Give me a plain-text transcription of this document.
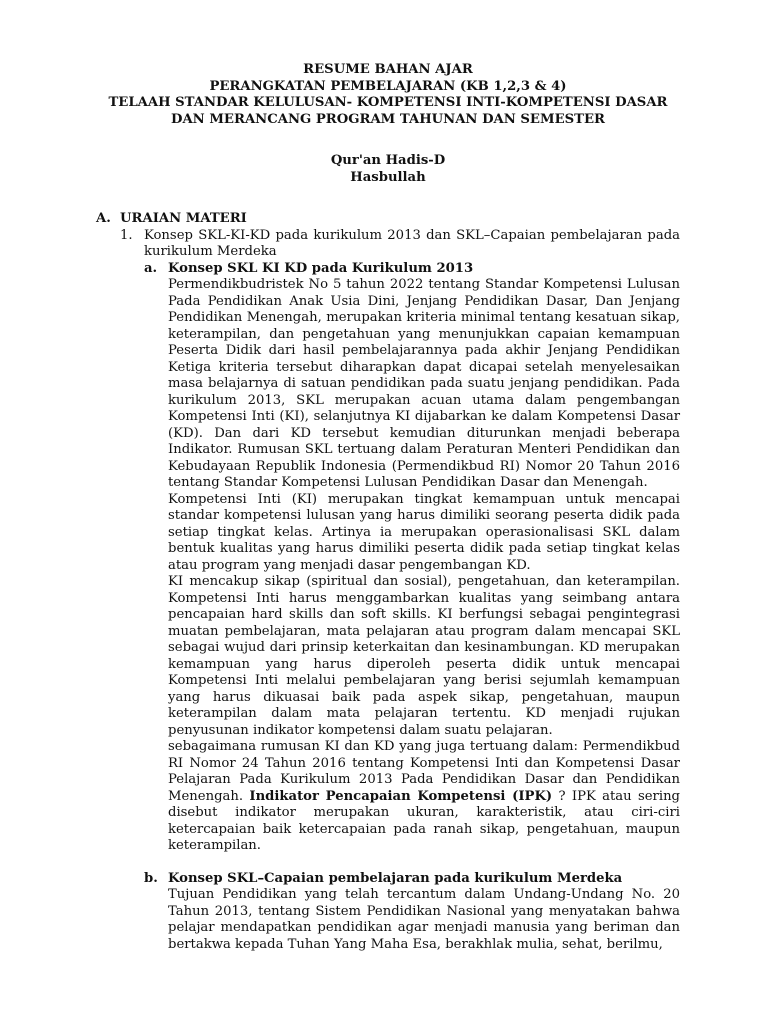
RESUME BAHAN AJAR
PERANGKATAN PEMBELAJARAN (KB 1,2,3 & 4)
TELAAH STANDAR KELULUSAN- KOMPETENSI INTI-KOMPETENSI DASAR
DAN MERANCANG PROGRAM TAHUNAN DAN SEMESTER
Qur'an Hadis-D
Hasbullah
A. URAIAN MATERI
1. Konsep SKL-KI-KD pada kurikulum 2013 dan SKL–Capaian pembelajaran pada kurikulum Merdeka
a. Konsep SKL KI KD pada Kurikulum 2013

Permendikbudristek No 5 tahun 2022 tentang Standar Kompetensi Lulusan Pada Pendidikan Anak Usia Dini, Jenjang Pendidikan Dasar, Dan Jenjang Pendidikan Menengah, merupakan kriteria minimal tentang kesatuan sikap, keterampilan, dan pengetahuan yang menunjukkan capaian kemampuan Peserta Didik dari hasil pembelajarannya pada akhir Jenjang Pendidikan Ketiga kriteria tersebut diharapkan dapat dicapai setelah menyelesaikan masa belajarnya di satuan pendidikan pada suatu jenjang pendidikan. Pada kurikulum 2013, SKL merupakan acuan utama dalam pengembangan Kompetensi Inti (KI), selanjutnya KI dijabarkan ke dalam Kompetensi Dasar (KD). Dan dari KD tersebut kemudian diturunkan menjadi beberapa Indikator. Rumusan SKL tertuang dalam Peraturan Menteri Pendidikan dan Kebudayaan Republik Indonesia (Permendikbud RI) Nomor 20 Tahun 2016 tentang Standar Kompetensi Lulusan Pendidikan Dasar dan Menengah.

Kompetensi Inti (KI) merupakan tingkat kemampuan untuk mencapai standar kompetensi lulusan yang harus dimiliki seorang peserta didik pada setiap tingkat kelas. Artinya ia merupakan operasionalisasi SKL dalam bentuk kualitas yang harus dimiliki peserta didik pada setiap tingkat kelas atau program yang menjadi dasar pengembangan KD.

KI mencakup sikap (spiritual dan sosial), pengetahuan, dan keterampilan. Kompetensi Inti harus menggambarkan kualitas yang seimbang antara pencapaian hard skills dan soft skills. KI berfungsi sebagai pengintegrasi muatan pembelajaran, mata pelajaran atau program dalam mencapai SKL sebagai wujud dari prinsip keterkaitan dan kesinambungan. KD merupakan kemampuan yang harus diperoleh peserta didik untuk mencapai Kompetensi Inti melalui pembelajaran yang berisi sejumlah kemampuan yang harus dikuasai baik pada aspek sikap, pengetahuan, maupun keterampilan dalam mata pelajaran tertentu. KD menjadi rujukan penyusunan indikator kompetensi dalam suatu pelajaran.

sebagaimana rumusan KI dan KD yang juga tertuang dalam: Permendikbud RI Nomor 24 Tahun 2016 tentang Kompetensi Inti dan Kompetensi Dasar Pelajaran Pada Kurikulum 2013 Pada Pendidikan Dasar dan Pendidikan Menengah. Indikator Pencapaian Kompetensi (IPK) ? IPK atau sering disebut indikator merupakan ukuran, karakteristik, atau ciri-ciri ketercapaian baik ketercapaian pada ranah sikap, pengetahuan, maupun keterampilan.

b. Konsep SKL–Capaian pembelajaran pada kurikulum Merdeka

Tujuan Pendidikan yang telah tercantum dalam Undang-Undang No. 20 Tahun 2013, tentang Sistem Pendidikan Nasional yang menyatakan bahwa pelajar mendapatkan pendidikan agar menjadi manusia yang beriman dan bertakwa kepada Tuhan Yang Maha Esa, berakhlak mulia, sehat, berilmu,
